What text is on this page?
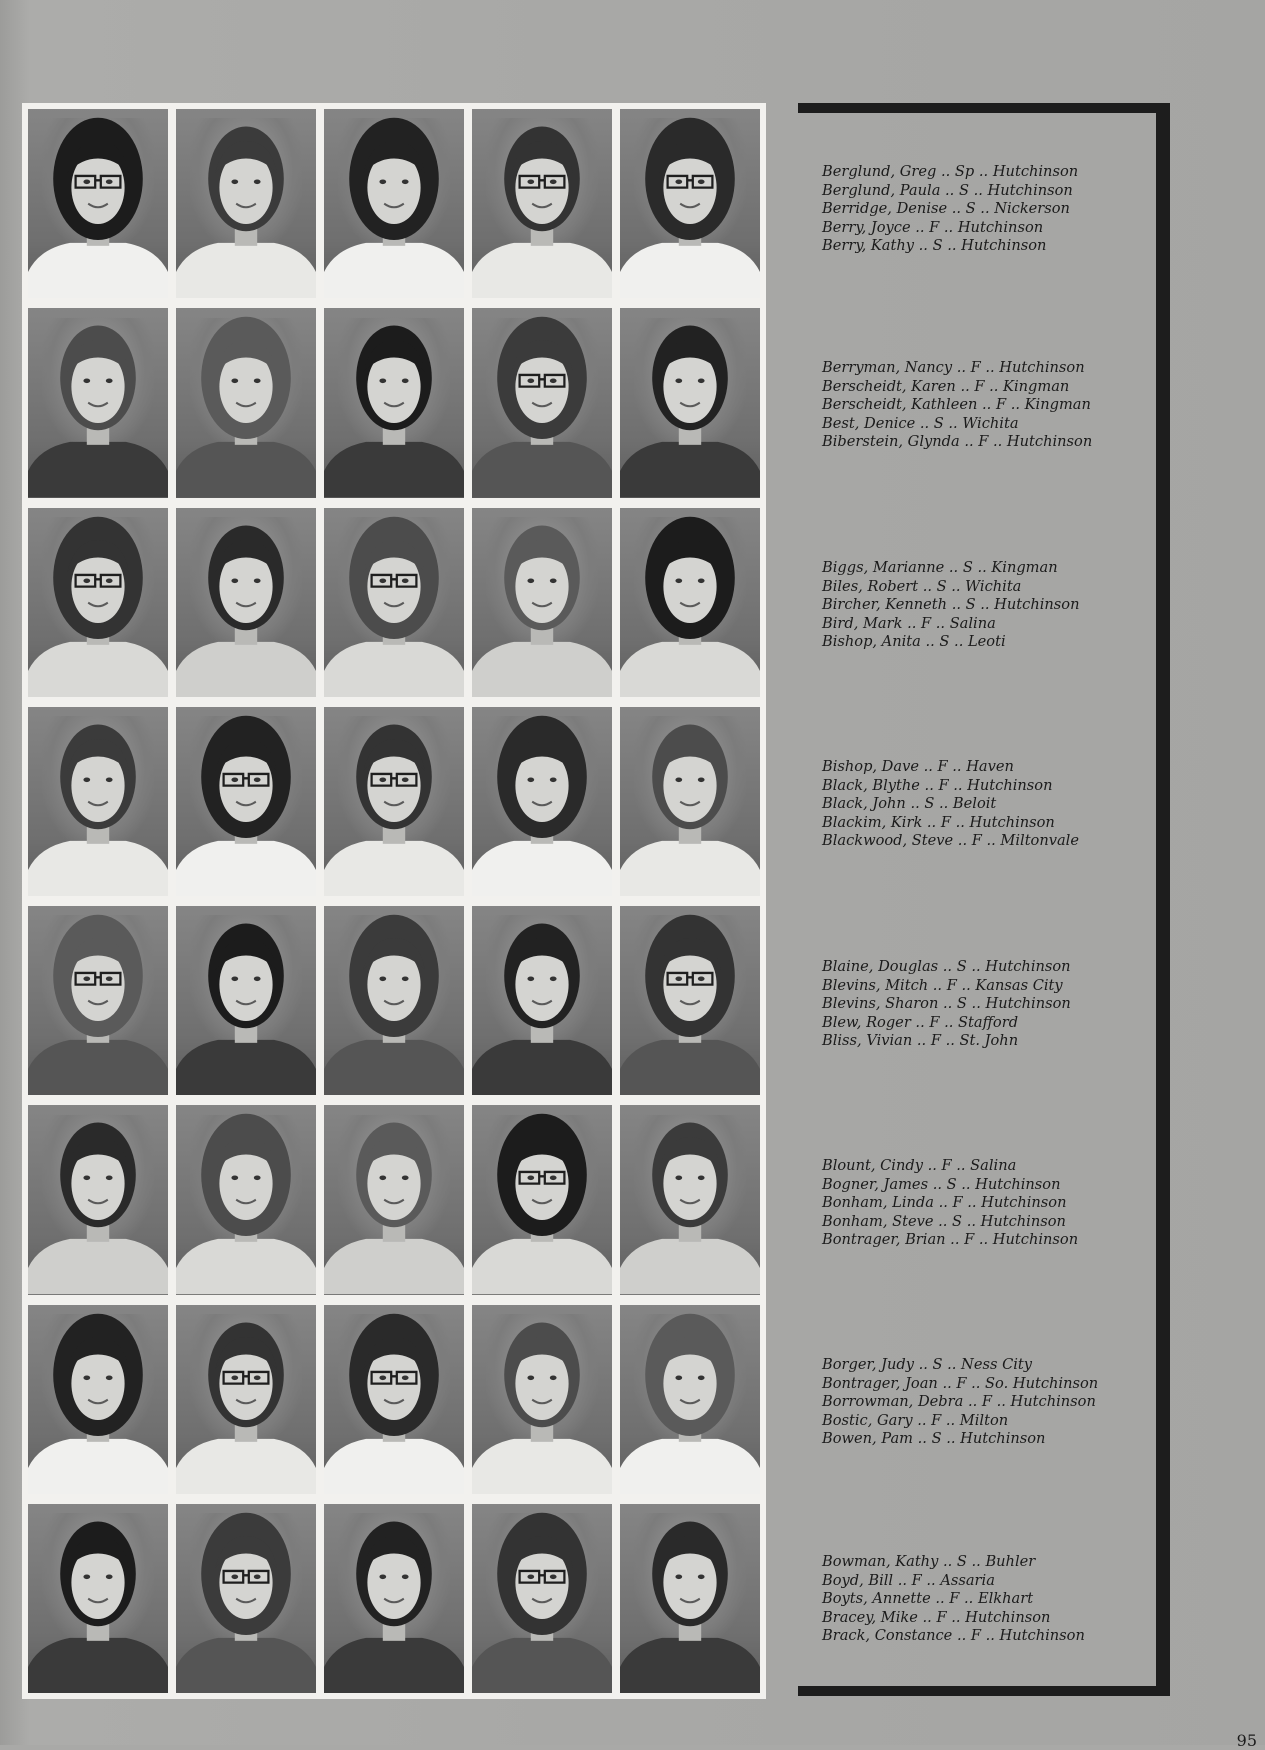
Berglund, Greg .. Sp .. Hutchinson
Berglund, Paula .. S .. Hutchinson
Berridge, Denise .. S .. Nickerson
Berry, Joyce .. F .. Hutchinson
Berry, Kathy .. S .. Hutchinson
Berryman, Nancy .. F .. Hutchinson
Berscheidt, Karen .. F .. Kingman
Berscheidt, Kathleen .. F .. Kingman
Best, Denice .. S .. Wichita
Biberstein, Glynda .. F .. Hutchinson
Biggs, Marianne .. S .. Kingman
Biles, Robert .. S .. Wichita
Bircher, Kenneth .. S .. Hutchinson
Bird, Mark .. F .. Salina
Bishop, Anita .. S .. Leoti
Bishop, Dave .. F .. Haven
Black, Blythe .. F .. Hutchinson
Black, John .. S .. Beloit
Blackim, Kirk .. F .. Hutchinson
Blackwood, Steve .. F .. Miltonvale
Blaine, Douglas .. S .. Hutchinson
Blevins, Mitch .. F .. Kansas City
Blevins, Sharon .. S .. Hutchinson
Blew, Roger .. F .. Stafford
Bliss, Vivian .. F .. St. John
Blount, Cindy .. F .. Salina
Bogner, James .. S .. Hutchinson
Bonham, Linda .. F .. Hutchinson
Bonham, Steve .. S .. Hutchinson
Bontrager, Brian .. F .. Hutchinson
Borger, Judy .. S .. Ness City
Bontrager, Joan .. F .. So. Hutchinson
Borrowman, Debra .. F .. Hutchinson
Bostic, Gary .. F .. Milton
Bowen, Pam .. S .. Hutchinson
Bowman, Kathy .. S .. Buhler
Boyd, Bill .. F .. Assaria
Boyts, Annette .. F .. Elkhart
Bracey, Mike .. F .. Hutchinson
Brack, Constance .. F .. Hutchinson
95
